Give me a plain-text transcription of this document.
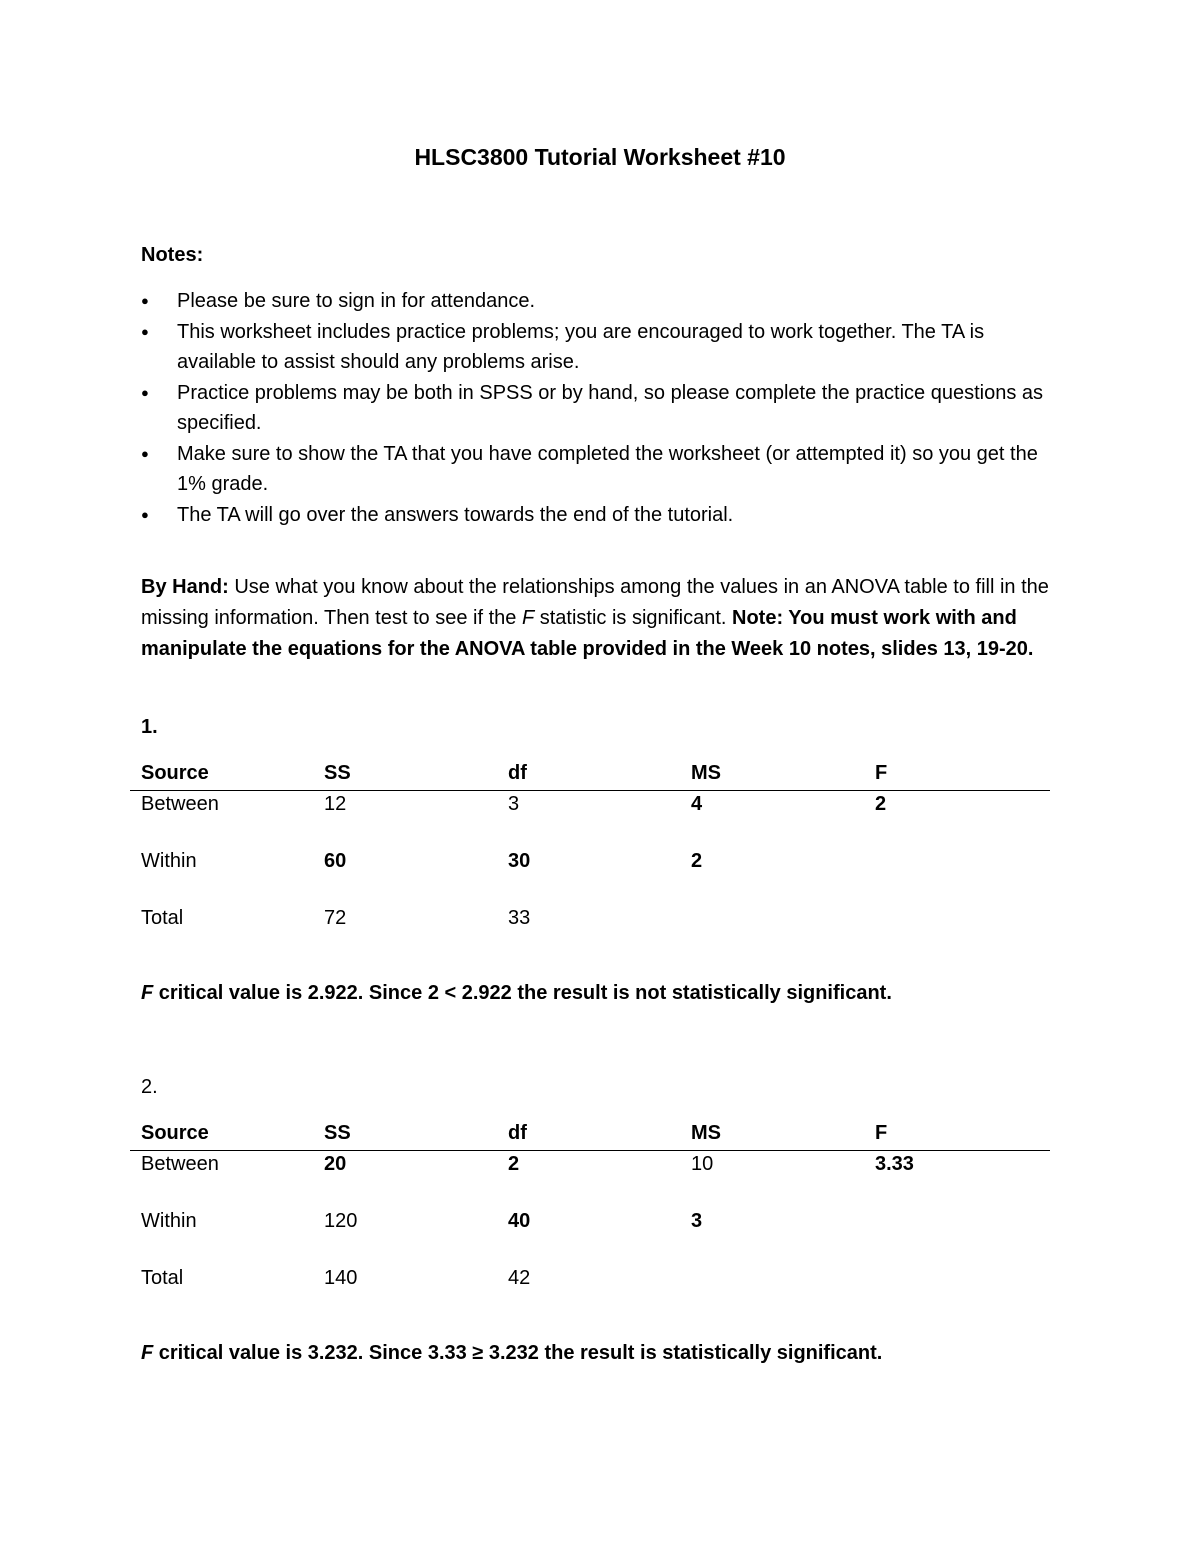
HLSC3800 Tutorial Worksheet #10
Notes:
● Please be sure to sign in for attendance.
● This worksheet includes practice problems; you are encouraged to work together. The TA is available to assist should any problems arise.
● Practice problems may be both in SPSS or by hand, so please complete the practice questions as specified.
● Make sure to show the TA that you have completed the worksheet (or attempted it) so you get the 1% grade.
● The TA will go over the answers towards the end of the tutorial.
By Hand: Use what you know about the relationships among the values in an ANOVA table to fill in the missing information. Then test to see if the F statistic is significant. Note: You must work with and manipulate the equations for the ANOVA table provided in the Week 10 notes, slides 13, 19-20.
1.
Source	SS	df	MS	F
Between	12	3	4	2
Within	60	30	2
Total	72	33
F critical value is 2.922. Since 2 < 2.922 the result is not statistically significant.
2.
Source	SS	df	MS	F
Between	20	2	10	3.33
Within	120	40	3
Total	140	42
F critical value is 3.232. Since 3.33 ≥ 3.232 the result is statistically significant.
